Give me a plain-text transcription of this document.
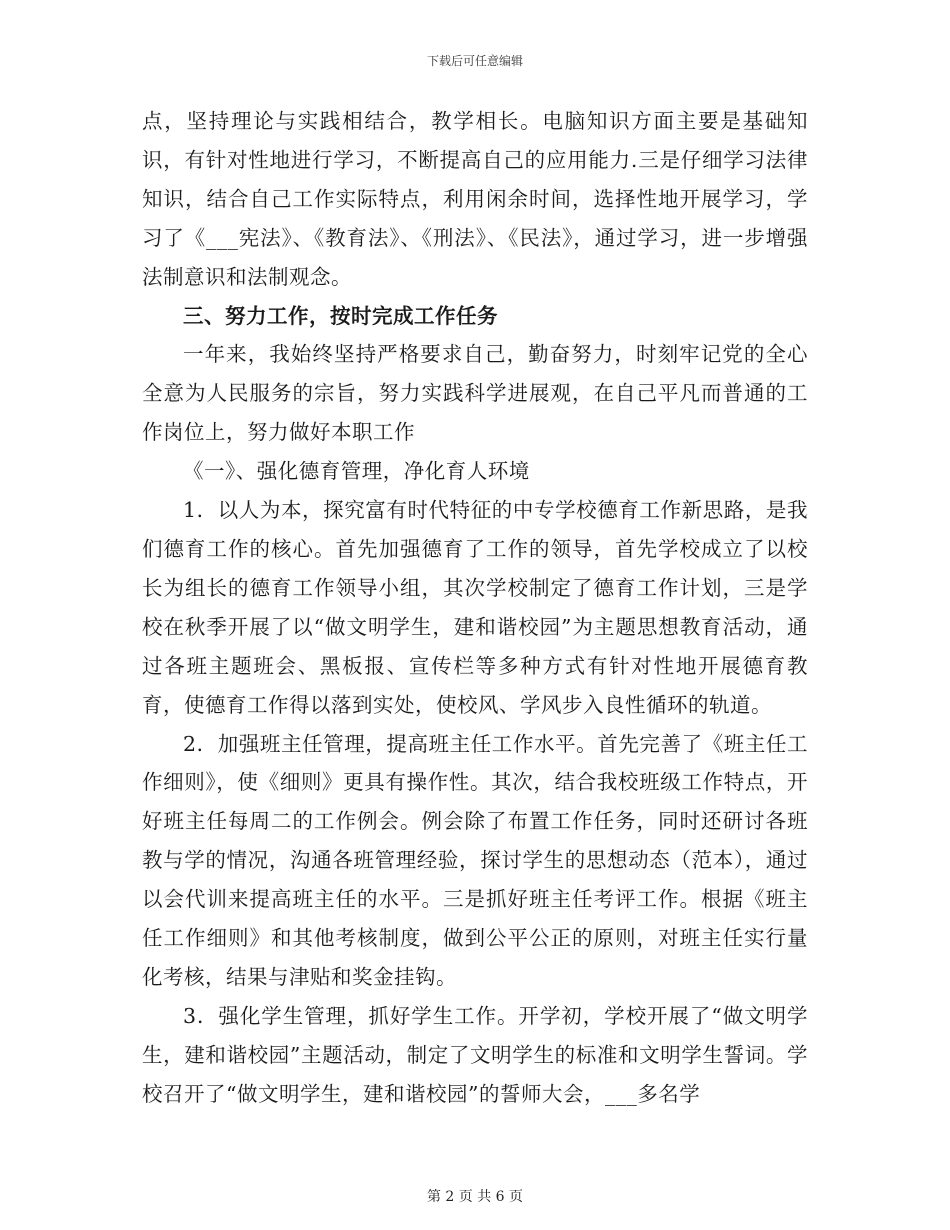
下载后可任意编辑

点，坚持理论与实践相结合，教学相长。电脑知识方面主要是基础知识，有针对性地进行学习，不断提高自己的应用能力.三是仔细学习法律知识，结合自己工作实际特点，利用闲余时间，选择性地开展学习，学习了《___宪法》、《教育法》、《刑法》、《民法》，通过学习，进一步增强法制意识和法制观念。

三、努力工作，按时完成工作任务

一年来，我始终坚持严格要求自己，勤奋努力，时刻牢记党的全心全意为人民服务的宗旨，努力实践科学进展观，在自己平凡而普通的工作岗位上，努力做好本职工作

《一》、强化德育管理，净化育人环境

1．以人为本，探究富有时代特征的中专学校德育工作新思路，是我们德育工作的核心。首先加强德育了工作的领导，首先学校成立了以校长为组长的德育工作领导小组，其次学校制定了德育工作计划，三是学校在秋季开展了以“做文明学生，建和谐校园”为主题思想教育活动，通过各班主题班会、黑板报、宣传栏等多种方式有针对性地开展德育教育，使德育工作得以落到实处，使校风、学风步入良性循环的轨道。

2．加强班主任管理，提高班主任工作水平。首先完善了《班主任工作细则》，使《细则》更具有操作性。其次，结合我校班级工作特点，开好班主任每周二的工作例会。例会除了布置工作任务，同时还研讨各班教与学的情况，沟通各班管理经验，探讨学生的思想动态（范本），通过以会代训来提高班主任的水平。三是抓好班主任考评工作。根据《班主任工作细则》和其他考核制度，做到公平公正的原则，对班主任实行量化考核，结果与津贴和奖金挂钩。

3．强化学生管理，抓好学生工作。开学初，学校开展了“做文明学生，建和谐校园”主题活动，制定了文明学生的标准和文明学生誓词。学校召开了“做文明学生，建和谐校园”的誓师大会，___多名学

第 2 页 共 6 页
